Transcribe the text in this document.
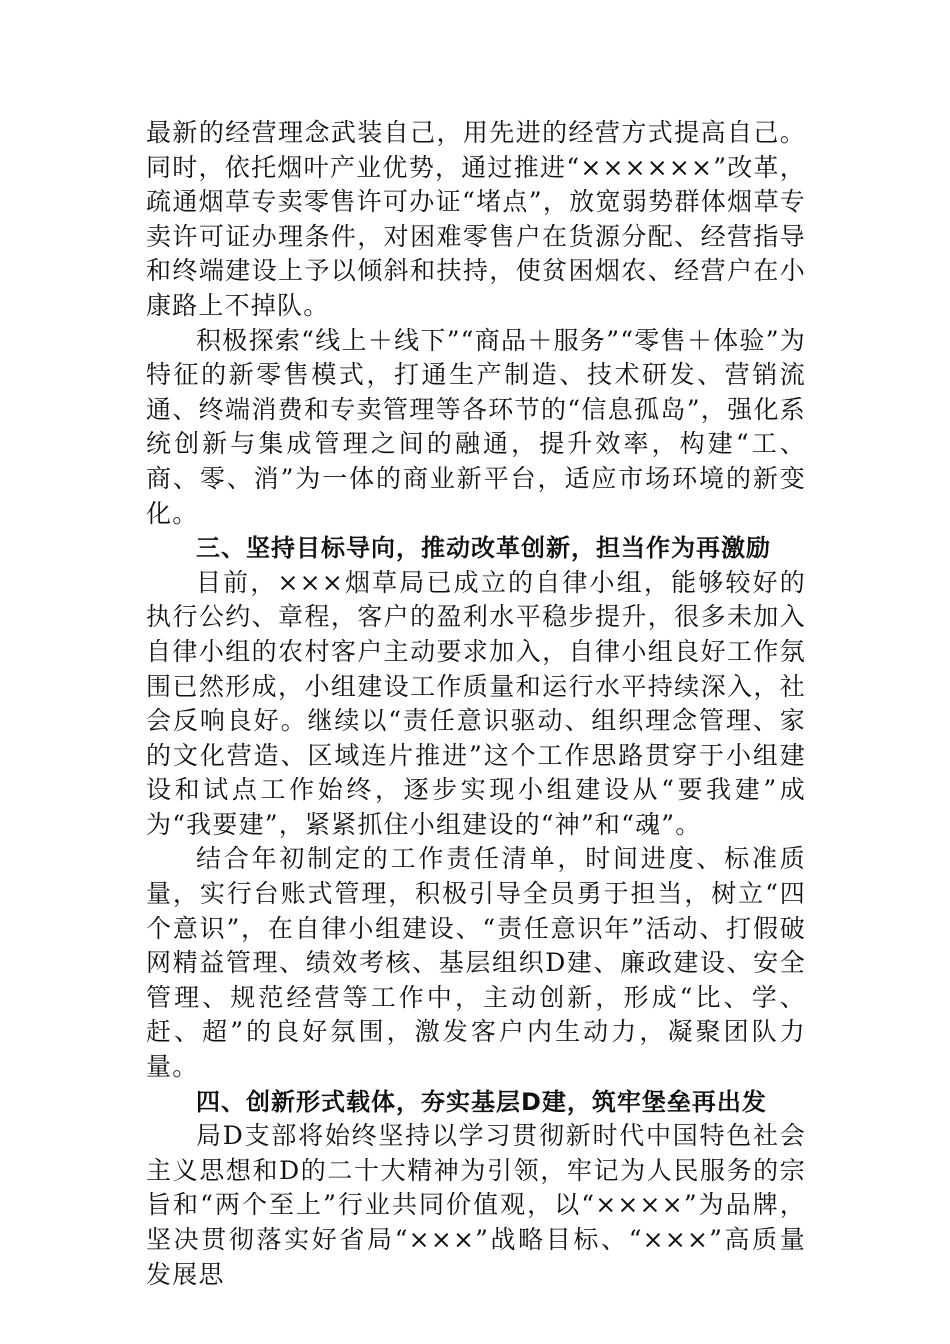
最新的经营理念武装自己，用先进的经营方式提高自己。同时，依托烟叶产业优势，通过推进“××××××”改革，疏通烟草专卖零售许可办证“堵点”，放宽弱势群体烟草专卖许可证办理条件，对困难零售户在货源分配、经营指导和终端建设上予以倾斜和扶持，使贫困烟农、经营户在小康路上不掉队。

积极探索“线上＋线下”“商品＋服务”“零售＋体验”为特征的新零售模式，打通生产制造、技术研发、营销流通、终端消费和专卖管理等各环节的“信息孤岛”，强化系统创新与集成管理之间的融通，提升效率，构建“工、商、零、消”为一体的商业新平台，适应市场环境的新变化。

三、坚持目标导向，推动改革创新，担当作为再激励

目前，×××烟草局已成立的自律小组，能够较好的执行公约、章程，客户的盈利水平稳步提升，很多未加入自律小组的农村客户主动要求加入，自律小组良好工作氛围已然形成，小组建设工作质量和运行水平持续深入，社会反响良好。继续以“责任意识驱动、组织理念管理、家的文化营造、区域连片推进”这个工作思路贯穿于小组建设和试点工作始终，逐步实现小组建设从“要我建”成为“我要建”，紧紧抓住小组建设的“神”和“魂”。

结合年初制定的工作责任清单，时间进度、标准质量，实行台账式管理，积极引导全员勇于担当，树立“四个意识”，在自律小组建设、“责任意识年”活动、打假破网精益管理、绩效考核、基层组织D建、廉政建设、安全管理、规范经营等工作中，主动创新，形成“比、学、赶、超”的良好氛围，激发客户内生动力，凝聚团队力量。

四、创新形式载体，夯实基层D建，筑牢堡垒再出发

局D支部将始终坚持以学习贯彻新时代中国特色社会主义思想和D的二十大精神为引领，牢记为人民服务的宗旨和“两个至上”行业共同价值观，以“××××”为品牌，坚决贯彻落实好省局“×××”战略目标、“×××”高质量发展思
